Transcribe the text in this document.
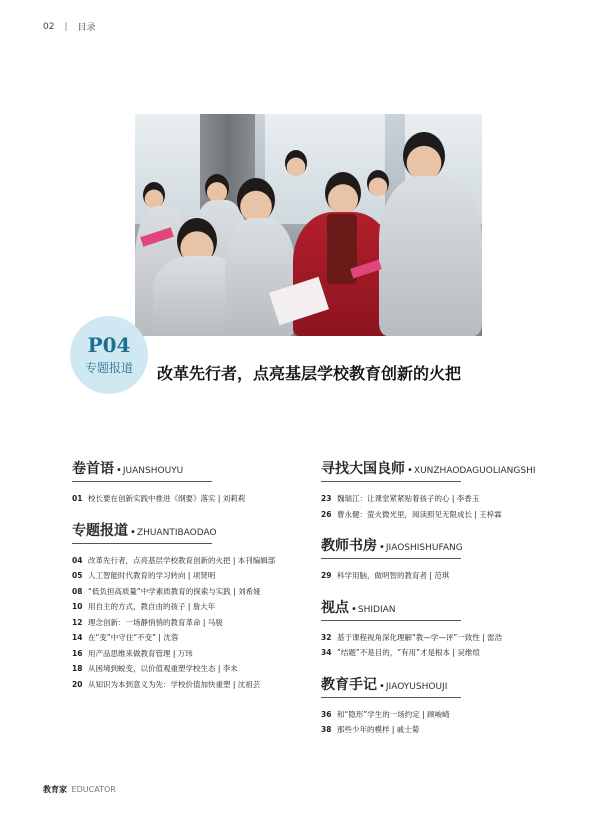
02 | 目录
P04
专题报道 改革先行者，点亮基层学校教育创新的火把
卷首语 • JUANSHOUYU
01 校长要在创新实践中推进《纲要》落实 | 刘莉莉
专题报道 • ZHUANTIBAODAO
04 改革先行者，点亮基层学校教育创新的火把 | 本刊编辑部
05 人工智能时代教育的学习转向 | 项贤明
08 “低负担高质量”中学素质教育的探索与实践 | 刘希娅
10 用自主的方式，教自由的孩子 | 詹大年
12 理念创新：一场静悄悄的教育革命 | 马骏
14 在“变”中守住“不变” | 沈蓉
16 用产品思维来做教育管理 | 万玮
18 从困境到蜕变，以价值观重塑学校生态 | 李未
20 从知识为本到意义为先：学校价值加快重塑 | 沈祖芸
寻找大国良师 • XUNZHAODAGUOLIANGSHI
23 魏瑞江：让课堂紧紧贴着孩子的心 | 李香玉
26 曹永健：萤火微光里，阅读照见无限成长 | 王梓霖
教师书房 • JIAOSHISHUFANG
29 科学用脑，做明智的教育者 | 范琪
视点 • SHIDIAN
32 基于课程视角深化理解“教—学—评”一致性 | 雷浩
34 “结题”不是目的，“有用”才是根本 | 吴维煊
教育手记 • JIAOYUSHOUJI
36 和“隐形”学生的一场约定 | 顾峻崎
38 那些少年的模样 | 戚士菊
教育家 EDUCATOR
